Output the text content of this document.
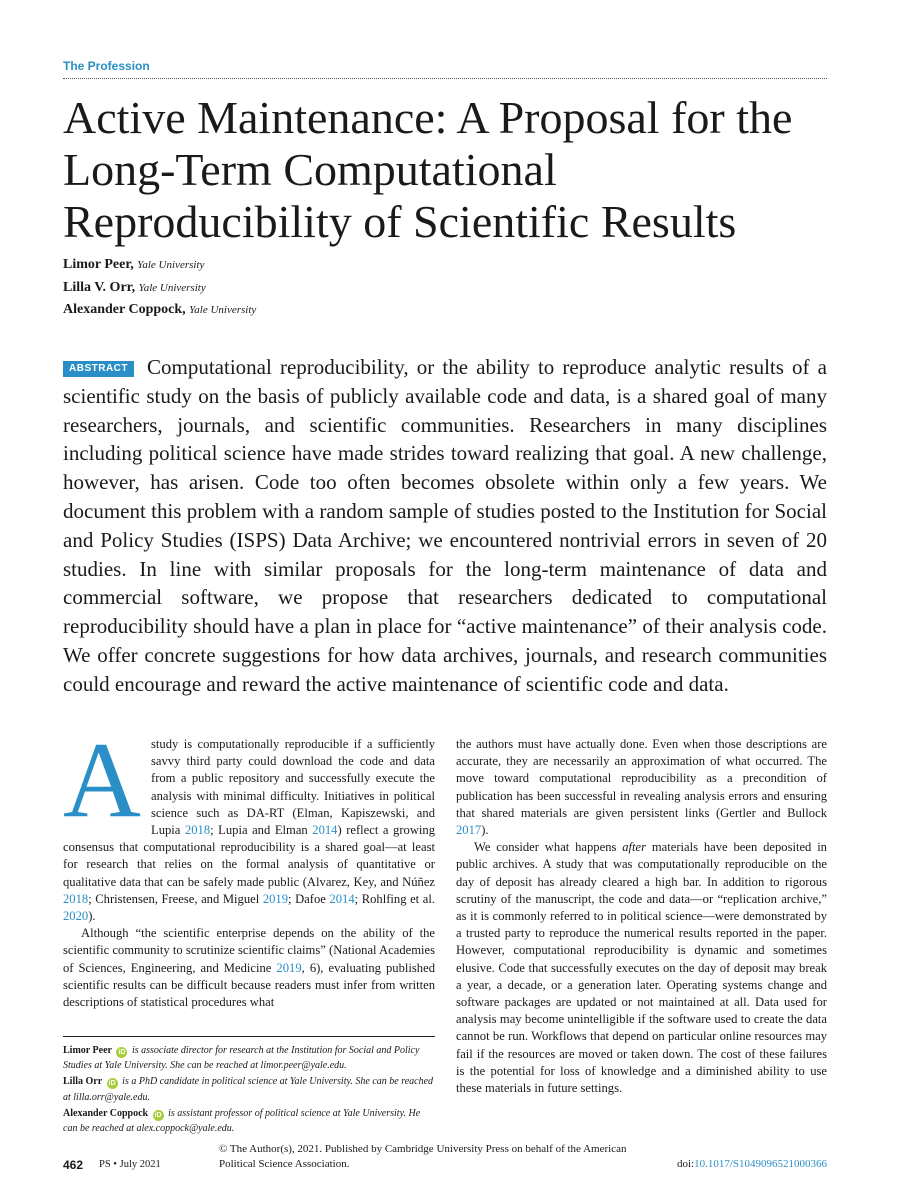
The Profession
Active Maintenance: A Proposal for the Long-Term Computational Reproducibility of Scientific Results
Limor Peer, Yale University
Lilla V. Orr, Yale University
Alexander Coppock, Yale University

ABSTRACT Computational reproducibility, or the ability to reproduce analytic results of a scientific study on the basis of publicly available code and data, is a shared goal of many researchers, journals, and scientific communities. Researchers in many disciplines including political science have made strides toward realizing that goal. A new challenge, however, has arisen. Code too often becomes obsolete within only a few years. We document this problem with a random sample of studies posted to the Institution for Social and Policy Studies (ISPS) Data Archive; we encountered nontrivial errors in seven of 20 studies. In line with similar proposals for the long-term maintenance of data and commercial software, we propose that researchers dedicated to computational reproducibility should have a plan in place for “active maintenance” of their analysis code. We offer concrete suggestions for how data archives, journals, and research communities could encourage and reward the active maintenance of scientific code and data.

Astudy is computationally reproducible if a sufficiently savvy third party could download the code and data from a public repository and successfully execute the analysis with minimal difficulty. Initiatives in political science such as DA-RT (Elman, Kapiszewski, and Lupia 2018; Lupia and Elman 2014) reflect a growing consensus that computational reproducibility is a shared goal—at least for research that relies on the formal analysis of quantitative or qualitative data that can be safely made public (Alvarez, Key, and Núñez 2018; Christensen, Freese, and Miguel 2019; Dafoe 2014; Rohlfing et al. 2020).

Although “the scientific enterprise depends on the ability of the scientific community to scrutinize scientific claims” (National Academies of Sciences, Engineering, and Medicine 2019, 6), evaluating published scientific results can be difficult because readers must infer from written descriptions of statistical procedures what

the authors must have actually done. Even when those descriptions are accurate, they are necessarily an approximation of what occurred. The move toward computational reproducibility as a precondition of publication has been successful in revealing analysis errors and ensuring that shared materials are given persistent links (Gertler and Bullock 2017).

We consider what happens after materials have been deposited in public archives. A study that was computationally reproducible on the day of deposit has already cleared a high bar. In addition to rigorous scrutiny of the manuscript, the code and data—or “replication archive,” as it is commonly referred to in political science—were demonstrated by a trusted party to reproduce the numerical results reported in the paper. However, computational reproducibility is dynamic and sometimes elusive. Code that successfully executes on the day of deposit may break a year, a decade, or a generation later. Operating systems change and software packages are updated or not maintained at all. Data used for analysis may become unintelligible if the software used to create the data cannot be run. Workflows that depend on particular online resources may fail if the resources are moved or taken down. The cost of these failures is the potential for loss of knowledge and a diminished ability to use these materials in future settings.

Limor Peer iD is associate director for research at the Institution for Social and Policy Studies at Yale University. She can be reached at limor.peer@yale.edu.

Lilla Orr iD is a PhD candidate in political science at Yale University. She can be reached at lilla.orr@yale.edu.

Alexander Coppock iD is assistant professor of political science at Yale University. He can be reached at alex.coppock@yale.edu.

462 PS • July 2021
© The Author(s), 2021. Published by Cambridge University Press on behalf of the American Political Science Association.	doi:10.1017/S1049096521000366
